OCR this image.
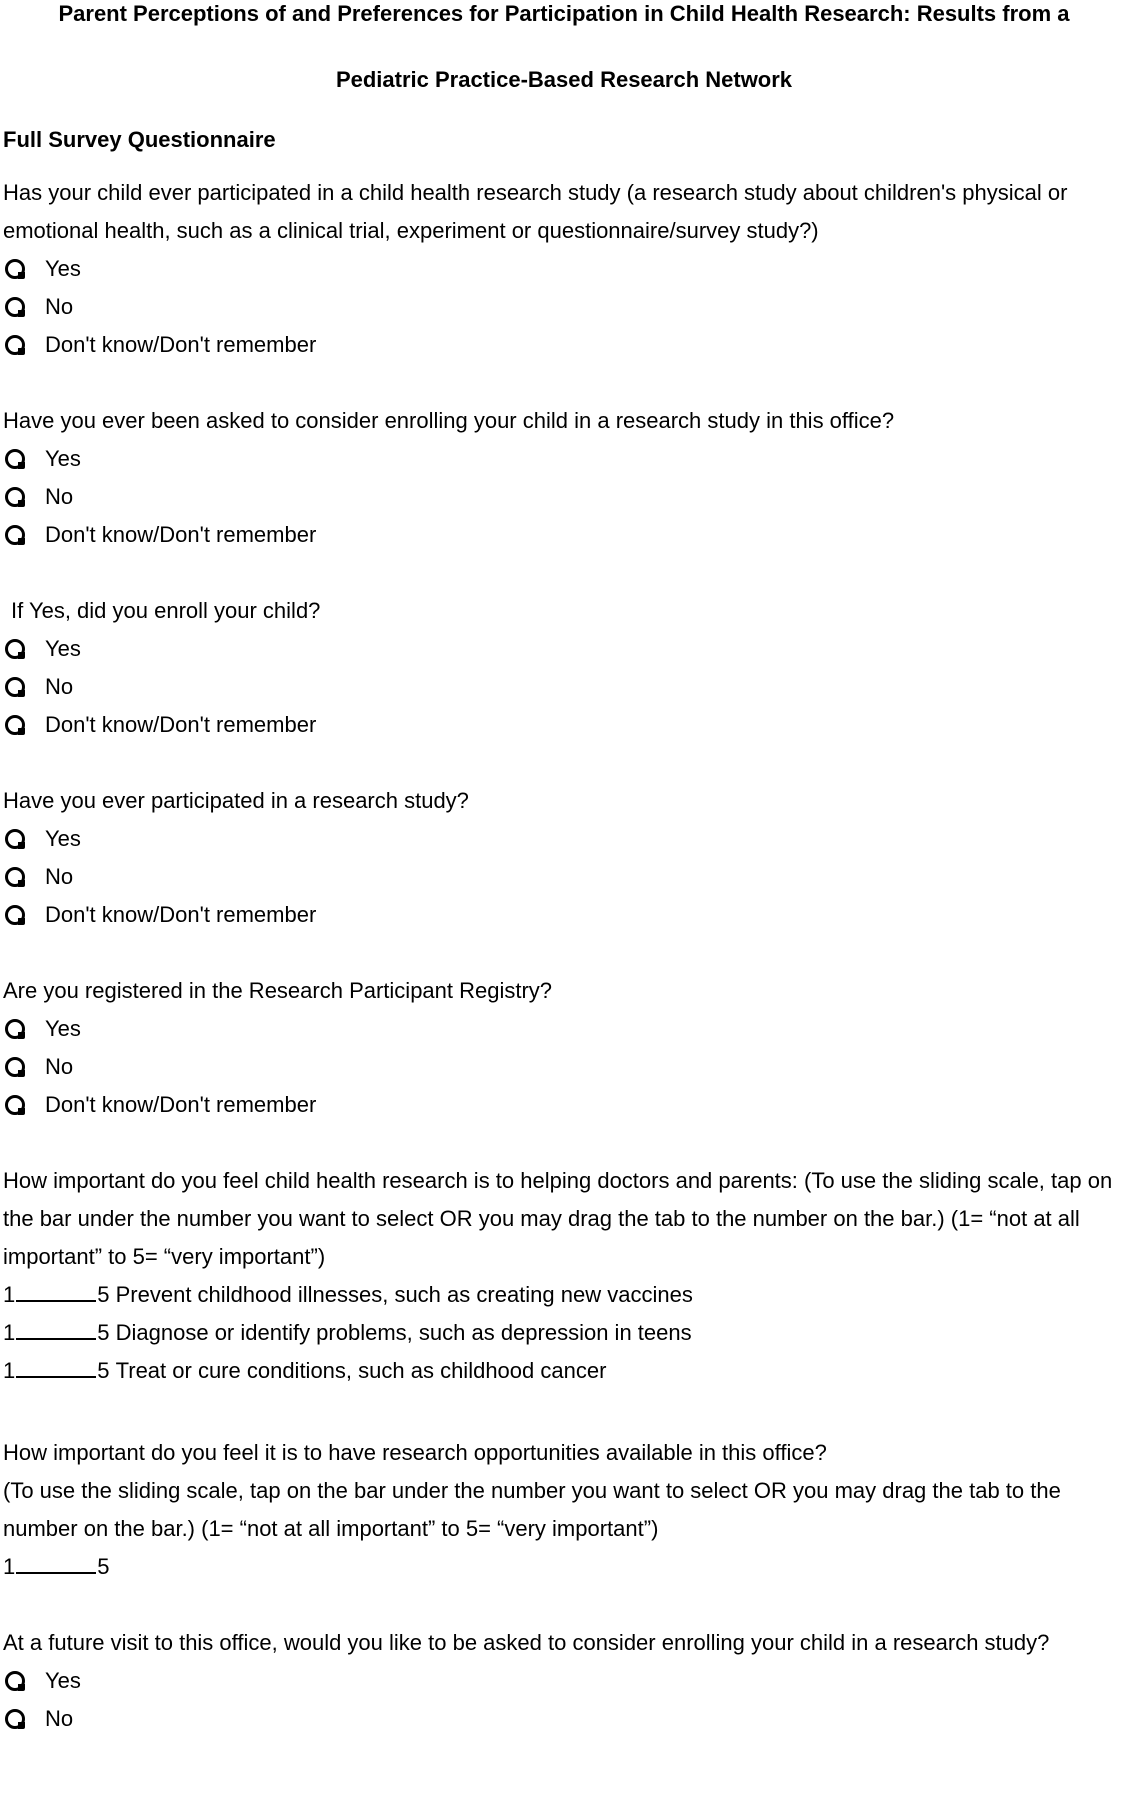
Parent Perceptions of and Preferences for Participation in Child Health Research: Results from a
Pediatric Practice-Based Research Network
Full Survey Questionnaire

Has your child ever participated in a child health research study (a research study about children's physical or emotional health, such as a clinical trial, experiment or questionnaire/survey study?)

Yes
No
Don't know/Don't remember

Have you ever been asked to consider enrolling your child in a research study in this office?

Yes
No
Don't know/Don't remember

If Yes, did you enroll your child?

Yes
No
Don't know/Don't remember

Have you ever participated in a research study?

Yes
No
Don't know/Don't remember

Are you registered in the Research Participant Registry?

Yes
No
Don't know/Don't remember

How important do you feel child health research is to helping doctors and parents: (To use the sliding scale, tap on the bar under the number you want to select OR you may drag the tab to the number on the bar.) (1= “not at all important” to 5= “very important”)

1	5
Prevent childhood illnesses, such as creating new vaccines
1	5
Diagnose or identify problems, such as depression in teens
1	5
Treat or cure conditions, such as childhood cancer

How important do you feel it is to have research opportunities available in this office?

(To use the sliding scale, tap on the bar under the number you want to select OR you may drag the tab to the number on the bar.) (1= “not at all important” to 5= “very important”)

1	5

At a future visit to this office, would you like to be asked to consider enrolling your child in a research study?

Yes
No
